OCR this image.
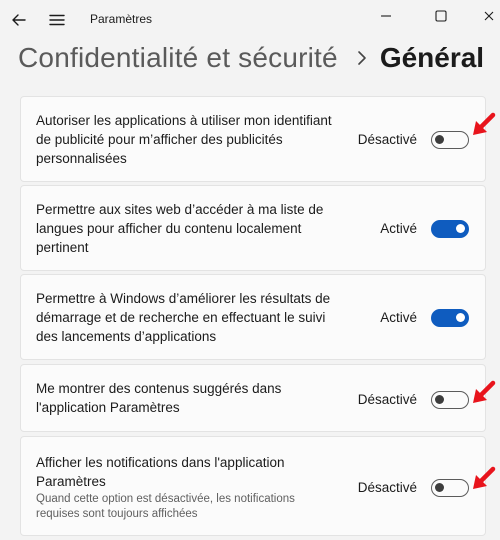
Paramètres
Confidentialité et sécurité Général
Autoriser les applications à utiliser mon identifiant de publicité pour m’afficher des publicités personnalisées
Désactivé
Permettre aux sites web d’accéder à ma liste de langues pour afficher du contenu localement pertinent
Activé
Permettre à Windows d’améliorer les résultats de démarrage et de recherche en effectuant le suivi des lancements d’applications
Activé
Me montrer des contenus suggérés dans l'application Paramètres
Désactivé
Afficher les notifications dans l'application Paramètres
Quand cette option est désactivée, les notifications requises sont toujours affichées
Désactivé
